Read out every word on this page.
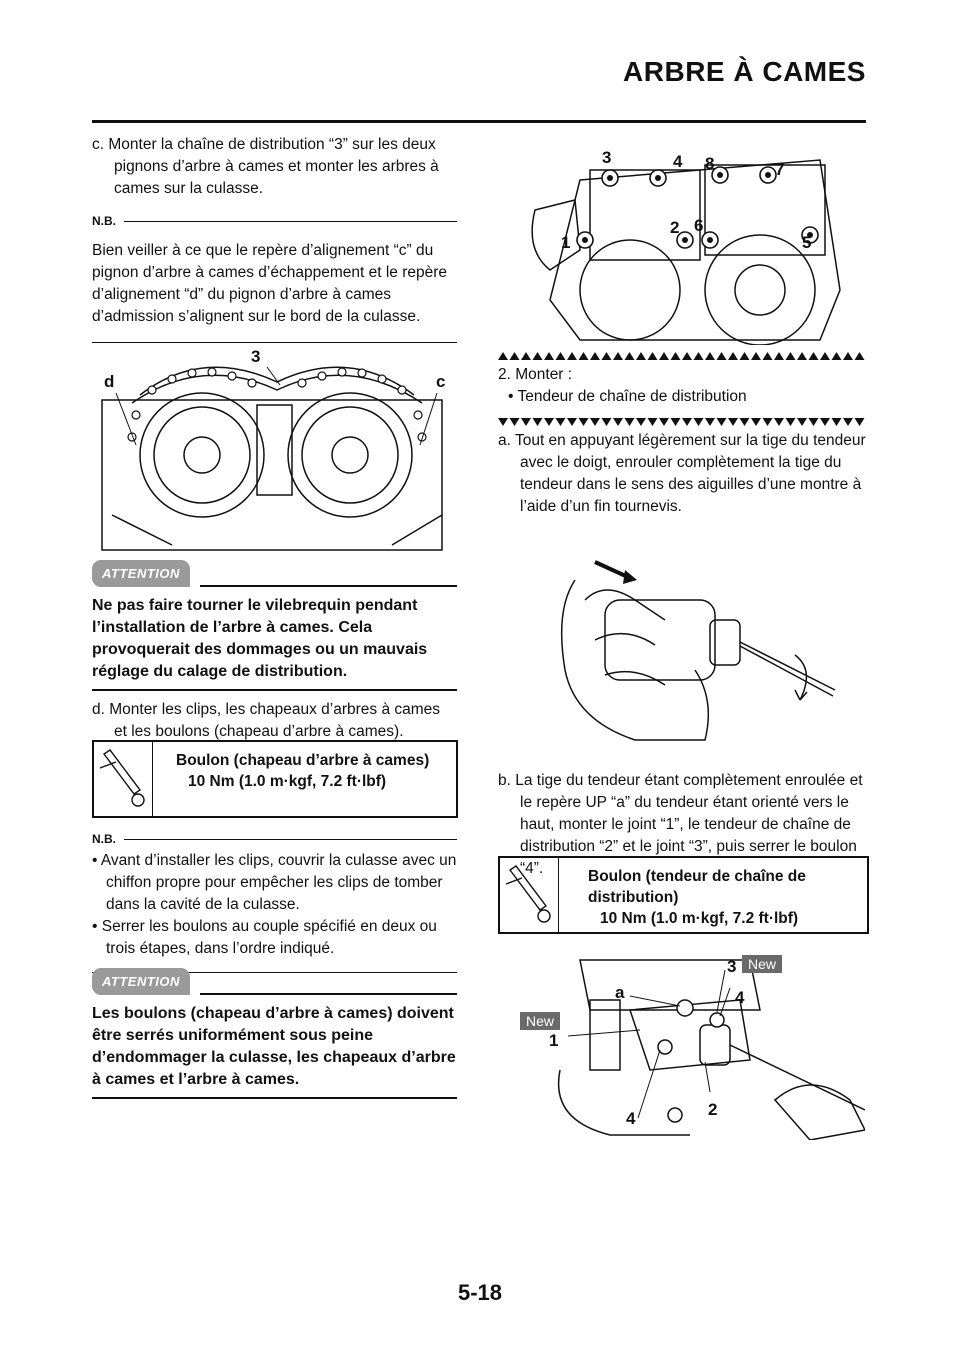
ARBRE À CAMES

c. Monter la chaîne de distribution “3” sur les deux pignons d’arbre à cames et monter les arbres à cames sur la culasse.

N.B.

Bien veiller à ce que le repère d’alignement “c” du pignon d’arbre à cames d’échappement et le repère d’alignement “d” du pignon d’arbre à cames d’admission s’alignent sur le bord de la culasse.

3
d	c
ATTENTION
Ne pas faire tourner le vilebrequin pendant l’installation de l’arbre à cames. Cela provoquerait des dommages ou un mauvais réglage du calage de distribution.

d. Monter les clips, les chapeaux d’arbres à cames et les boulons (chapeau d’arbre à cames).

Boulon (chapeau d’arbre à cames)
10 Nm (1.0 m·kgf, 7.2 ft·lbf)
N.B.

• Avant d’installer les clips, couvrir la culasse avec un chiffon propre pour empêcher les clips de tomber dans la cavité de la culasse.

• Serrer les boulons au couple spécifié en deux ou trois étapes, dans l’ordre indiqué.

ATTENTION
Les boulons (chapeau d’arbre à cames) doivent être serrés uniformément sous peine d’endommager la culasse, les chapeaux d’arbre à cames et l’arbre à cames.
3	4 8	7
2 6
1	5

2. Monter :

• Tendeur de chaîne de distribution

a. Tout en appuyant légèrement sur la tige du tendeur avec le doigt, enrouler complètement la tige du tendeur dans le sens des aiguilles d’une montre à l’aide d’un fin tournevis.

b. La tige du tendeur étant complètement enroulée et le repère UP “a” du tendeur étant orienté vers le haut, monter le joint “1”, le tendeur de chaîne de distribution “2” et le joint “3”, puis serrer le boulon “4”.	Boulon (tendeur de chaîne de distribution)
10 Nm (1.0 m·kgf, 7.2 ft·lbf)
3 New
a	4
New
1
4	2
5-18
